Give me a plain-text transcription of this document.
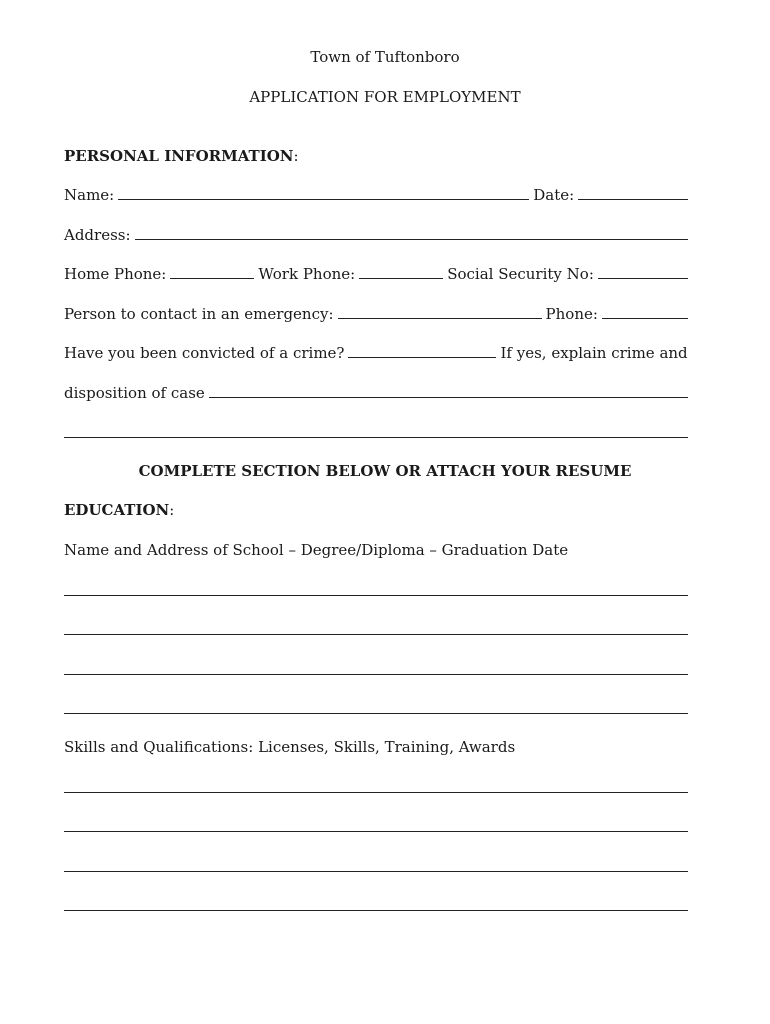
Town of Tuftonboro
APPLICATION FOR EMPLOYMENT
PERSONAL INFORMATION:
Name:	Date:
Address:
Home Phone:	Work Phone:	Social Security No:
Person to contact in an emergency:	Phone:
Have you been convicted of a crime?	If yes, explain crime and
disposition of case
COMPLETE SECTION BELOW OR ATTACH YOUR RESUME
EDUCATION:
Name and Address of School – Degree/Diploma – Graduation Date
Skills and Qualifications: Licenses, Skills, Training, Awards
